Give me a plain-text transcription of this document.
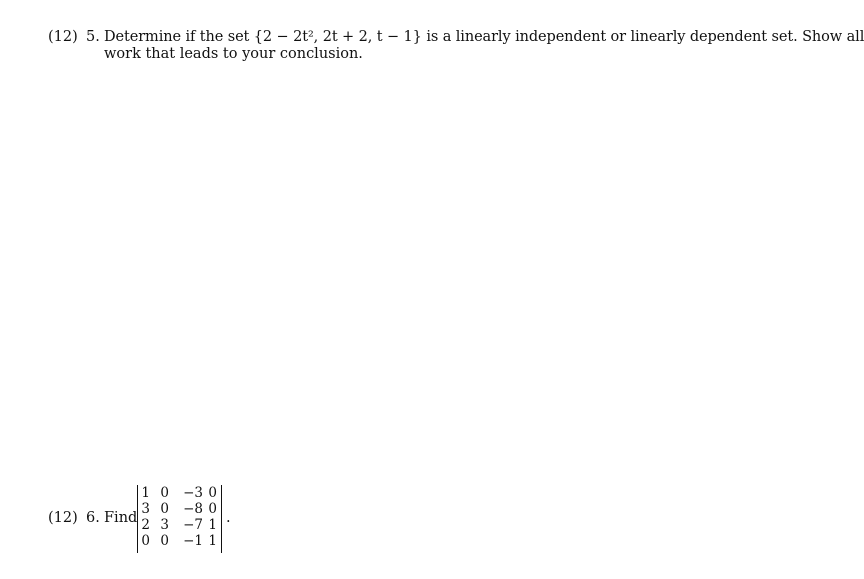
(12) 5. Determine if the set {2 − 2t², 2t + 2, t − 1} is a linearly independent or linearly dependent set. Show all
work that leads to your conclusion.
(12) 6. Find
1 0 −3 0
3 0 −8 0
2 3 −7 1
0 0 −1 1
.
